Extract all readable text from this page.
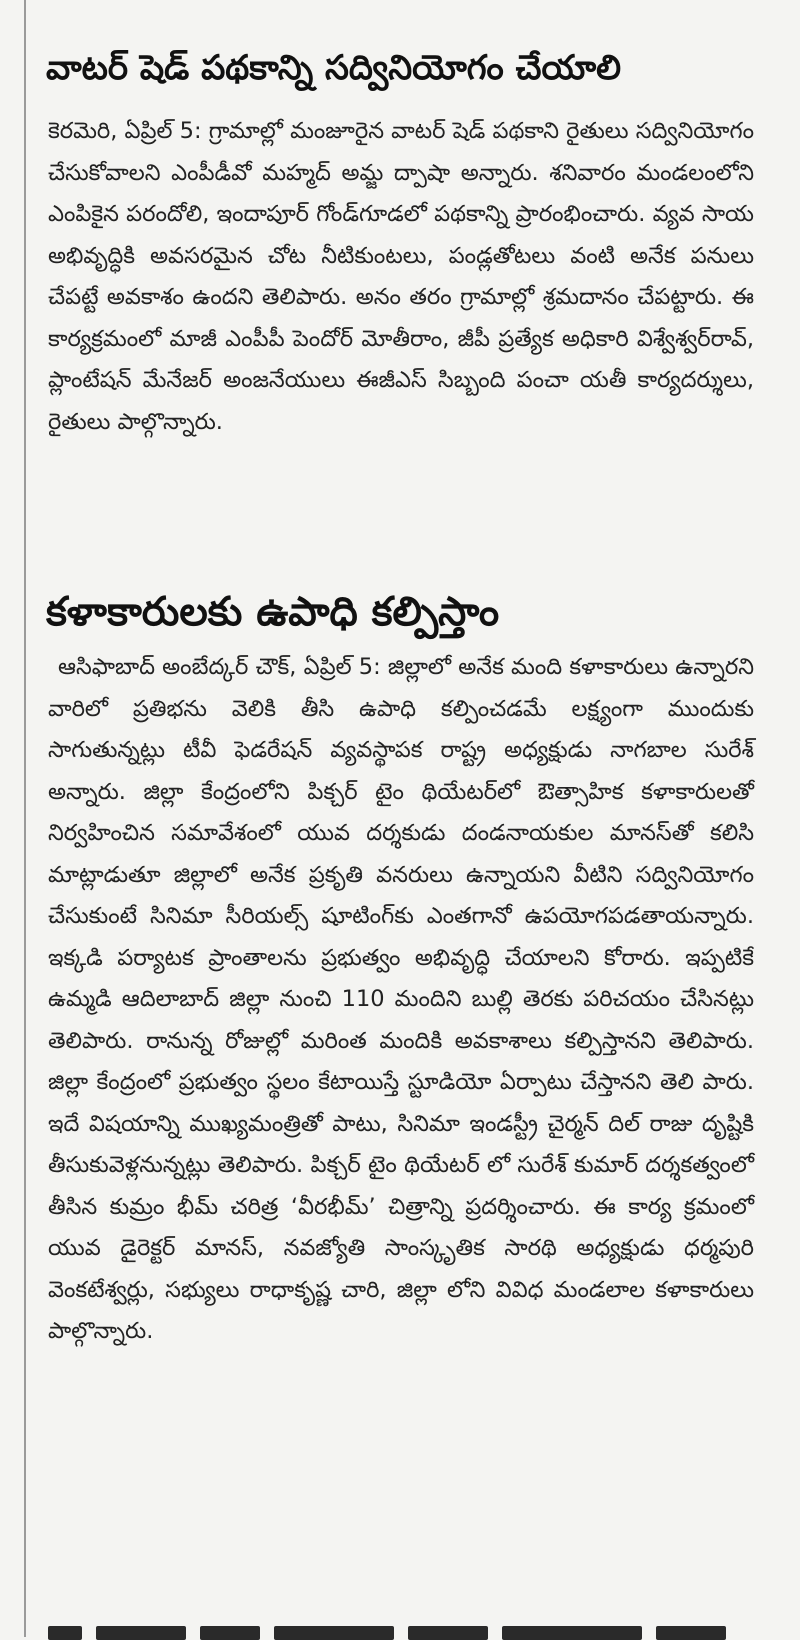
వాటర్ షెడ్ పథకాన్ని సద్వినియోగం చేయాలి

కెరమెరి, ఏప్రిల్ 5: గ్రామాల్లో మంజూరైన వాటర్ షెడ్ పథకాని రైతులు సద్వినియోగం చేసుకోవాలని ఎంపీడీవో మహ్మద్ అమ్జ ద్పాషా అన్నారు. శనివారం మండలంలోని ఎంపికైన పరందోలి, ఇందాపూర్ గోండ్‌గూడలో పథకాన్ని ప్రారంభించారు. వ్యవ సాయ అభివృద్ధికి అవసరమైన చోట నీటికుంటలు, పండ్లతోటలు వంటి అనేక పనులు చేపట్టే అవకాశం ఉందని తెలిపారు. అనం తరం గ్రామాల్లో శ్రమదానం చేపట్టారు. ఈ కార్యక్రమంలో మాజీ ఎంపీపీ పెందోర్ మోతీరాం, జీపీ ప్రత్యేక అధికారి విశ్వేశ్వర్‌రావ్, ప్లాంటేషన్ మేనేజర్ అంజనేయులు ఈజీఎస్ సిబ్బంది పంచా యతీ కార్యదర్శులు, రైతులు పాల్గొన్నారు.

కళాకారులకు ఉపాధి కల్పిస్తాం

ఆసిఫాబాద్ అంబేద్కర్ చౌక్, ఏప్రిల్ 5: జిల్లాలో అనేక మంది కళాకారులు ఉన్నారని వారిలో ప్రతిభను వెలికి తీసి ఉపాధి కల్పించడమే లక్ష్యంగా ముందుకు సాగుతున్నట్లు టీవీ ఫెడరేషన్ వ్యవస్థాపక రాష్ట్ర అధ్యక్షుడు నాగబాల సురేశ్ అన్నారు. జిల్లా కేంద్రంలోని పిక్చర్ టైం థియేటర్‌లో ఔత్సాహిక కళాకారులతో నిర్వహించిన సమావేశంలో యువ దర్శకుడు దండనాయకుల మానస్‌తో కలిసి మాట్లాడుతూ జిల్లాలో అనేక ప్రకృతి వనరులు ఉన్నాయని వీటిని సద్వినియోగం చేసుకుంటే సినిమా సీరియల్స్ షూటింగ్‌కు ఎంతగానో ఉపయోగపడతాయన్నారు. ఇక్కడి పర్యాటక ప్రాంతాలను ప్రభుత్వం అభివృద్ధి చేయాలని కోరారు. ఇప్పటికే ఉమ్మడి ఆదిలాబాద్ జిల్లా నుంచి 110 మందిని బుల్లి తెరకు పరిచయం చేసినట్లు తెలిపారు. రానున్న రోజుల్లో మరింత మందికి అవకాశాలు కల్పిస్తానని తెలిపారు. జిల్లా కేంద్రంలో ప్రభుత్వం స్థలం కేటాయిస్తే స్టూడియో ఏర్పాటు చేస్తానని తెలి పారు. ఇదే విషయాన్ని ముఖ్యమంత్రితో పాటు, సినిమా ఇండస్ట్రీ చైర్మన్ దిల్ రాజు దృష్టికి తీసుకువెళ్లనున్నట్లు తెలిపారు. పిక్చర్ టైం థియేటర్ లో సురేశ్ కుమార్ దర్శకత్వంలో తీసిన కుమ్రం భీమ్ చరిత్ర ‘వీరభీమ్’ చిత్రాన్ని ప్రదర్శించారు. ఈ కార్య క్రమంలో యువ డైరెక్టర్ మానస్, నవజ్యోతి సాంస్కృతిక సారథి అధ్యక్షుడు ధర్మపురి వెంకటేశ్వర్లు, సభ్యులు రాధాకృష్ణ చారి, జిల్లా లోని వివిధ మండలాల కళాకారులు పాల్గొన్నారు.
